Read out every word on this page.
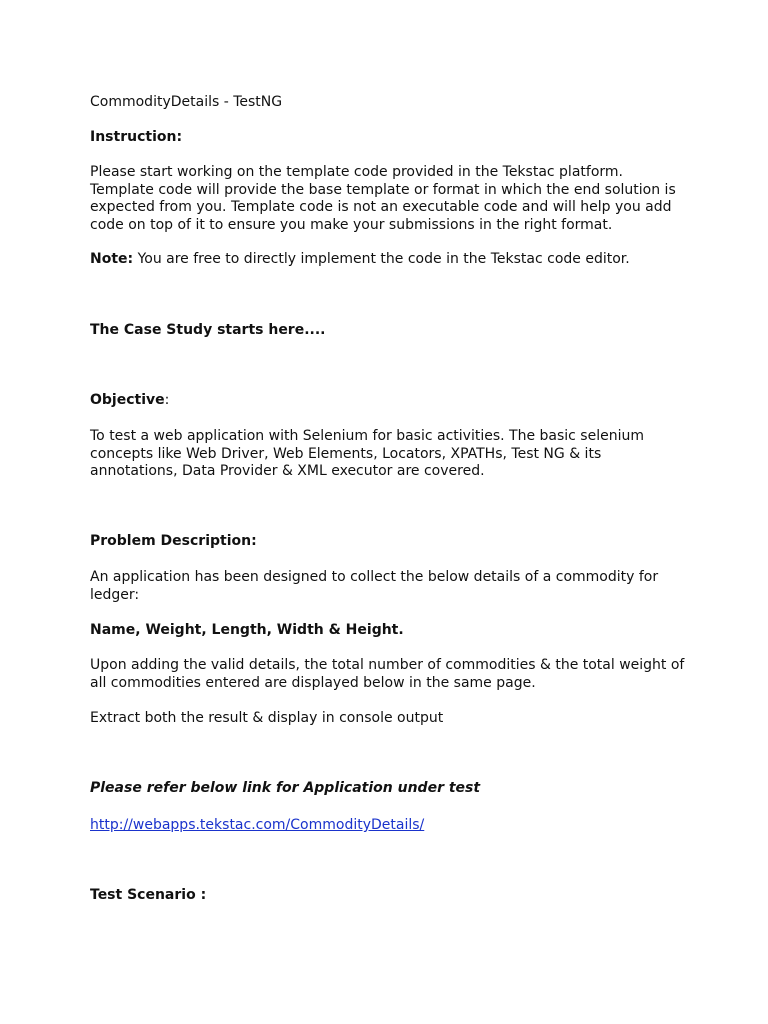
CommodityDetails - TestNG

Instruction:

Please start working on the template code provided in the Tekstac platform. Template code will provide the base template or format in which the end solution is expected from you. Template code is not an executable code and will help you add code on top of it to ensure you make your submissions in the right format.

Note: You are free to directly implement the code in the Tekstac code editor.

The Case Study starts here....

Objective:

To test a web application with Selenium for basic activities. The basic selenium concepts like Web Driver, Web Elements, Locators, XPATHs, Test NG & its annotations, Data Provider & XML executor are covered.

Problem Description:

An application has been designed to collect the below details of a commodity for ledger:

Name, Weight, Length, Width & Height.

Upon adding the valid details, the total number of commodities & the total weight of all commodities entered are displayed below in the same page.

Extract both the result & display in console output

Please refer below link for Application under test

http://webapps.tekstac.com/CommodityDetails/

Test Scenario :
